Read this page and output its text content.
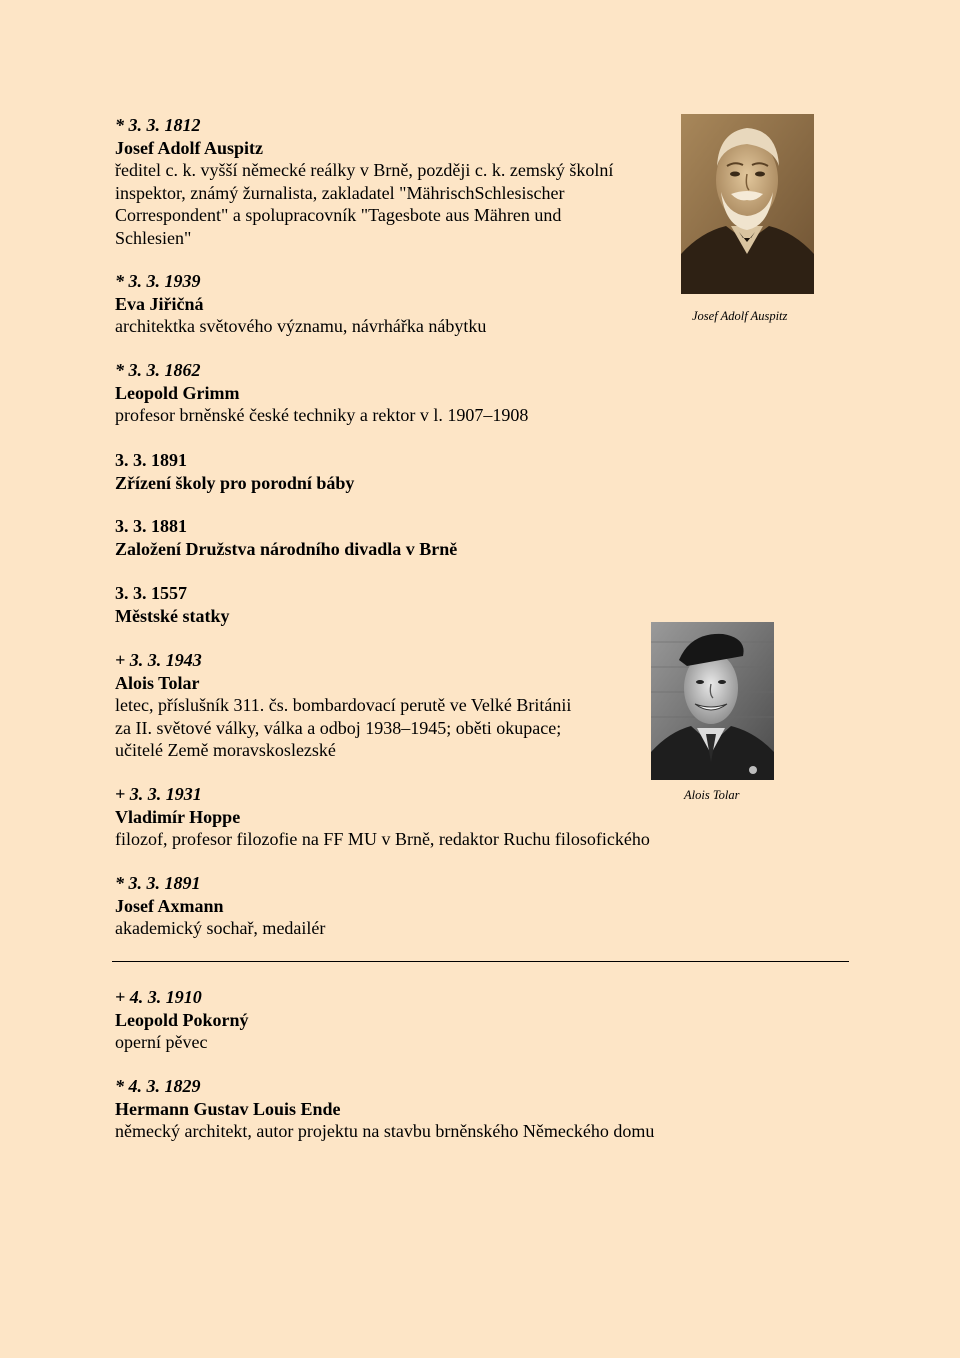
* 3. 3. 1812
Josef Adolf Auspitz
ředitel c. k. vyšší německé reálky v Brně, později c. k. zemský školní
inspektor, známý žurnalista, zakladatel "MährischSchlesischer
Correspondent" a spolupracovník "Tagesbote aus Mähren und
Schlesien"
* 3. 3. 1939
Eva Jiřičná
architektka světového významu, návrhářka nábytku
* 3. 3. 1862
Leopold Grimm
profesor brněnské české techniky a rektor v l. 1907–1908
3. 3. 1891
Zřízení školy pro porodní báby
3. 3. 1881
Založení Družstva národního divadla v Brně
3. 3. 1557
Městské statky
+ 3. 3. 1943
Alois Tolar
letec, příslušník 311. čs. bombardovací perutě ve Velké Británii
za II. světové války, válka a odboj 1938–1945; oběti okupace;
učitelé Země moravskoslezské
+ 3. 3. 1931
Vladimír Hoppe
filozof, profesor filozofie na FF MU v Brně, redaktor Ruchu filosofického
* 3. 3. 1891
Josef Axmann
akademický sochař, medailér
+ 4. 3. 1910
Leopold Pokorný
operní pěvec
* 4. 3. 1829
Hermann Gustav Louis Ende
německý architekt, autor projektu na stavbu brněnského Německého domu
Josef Adolf Auspitz
Alois Tolar
